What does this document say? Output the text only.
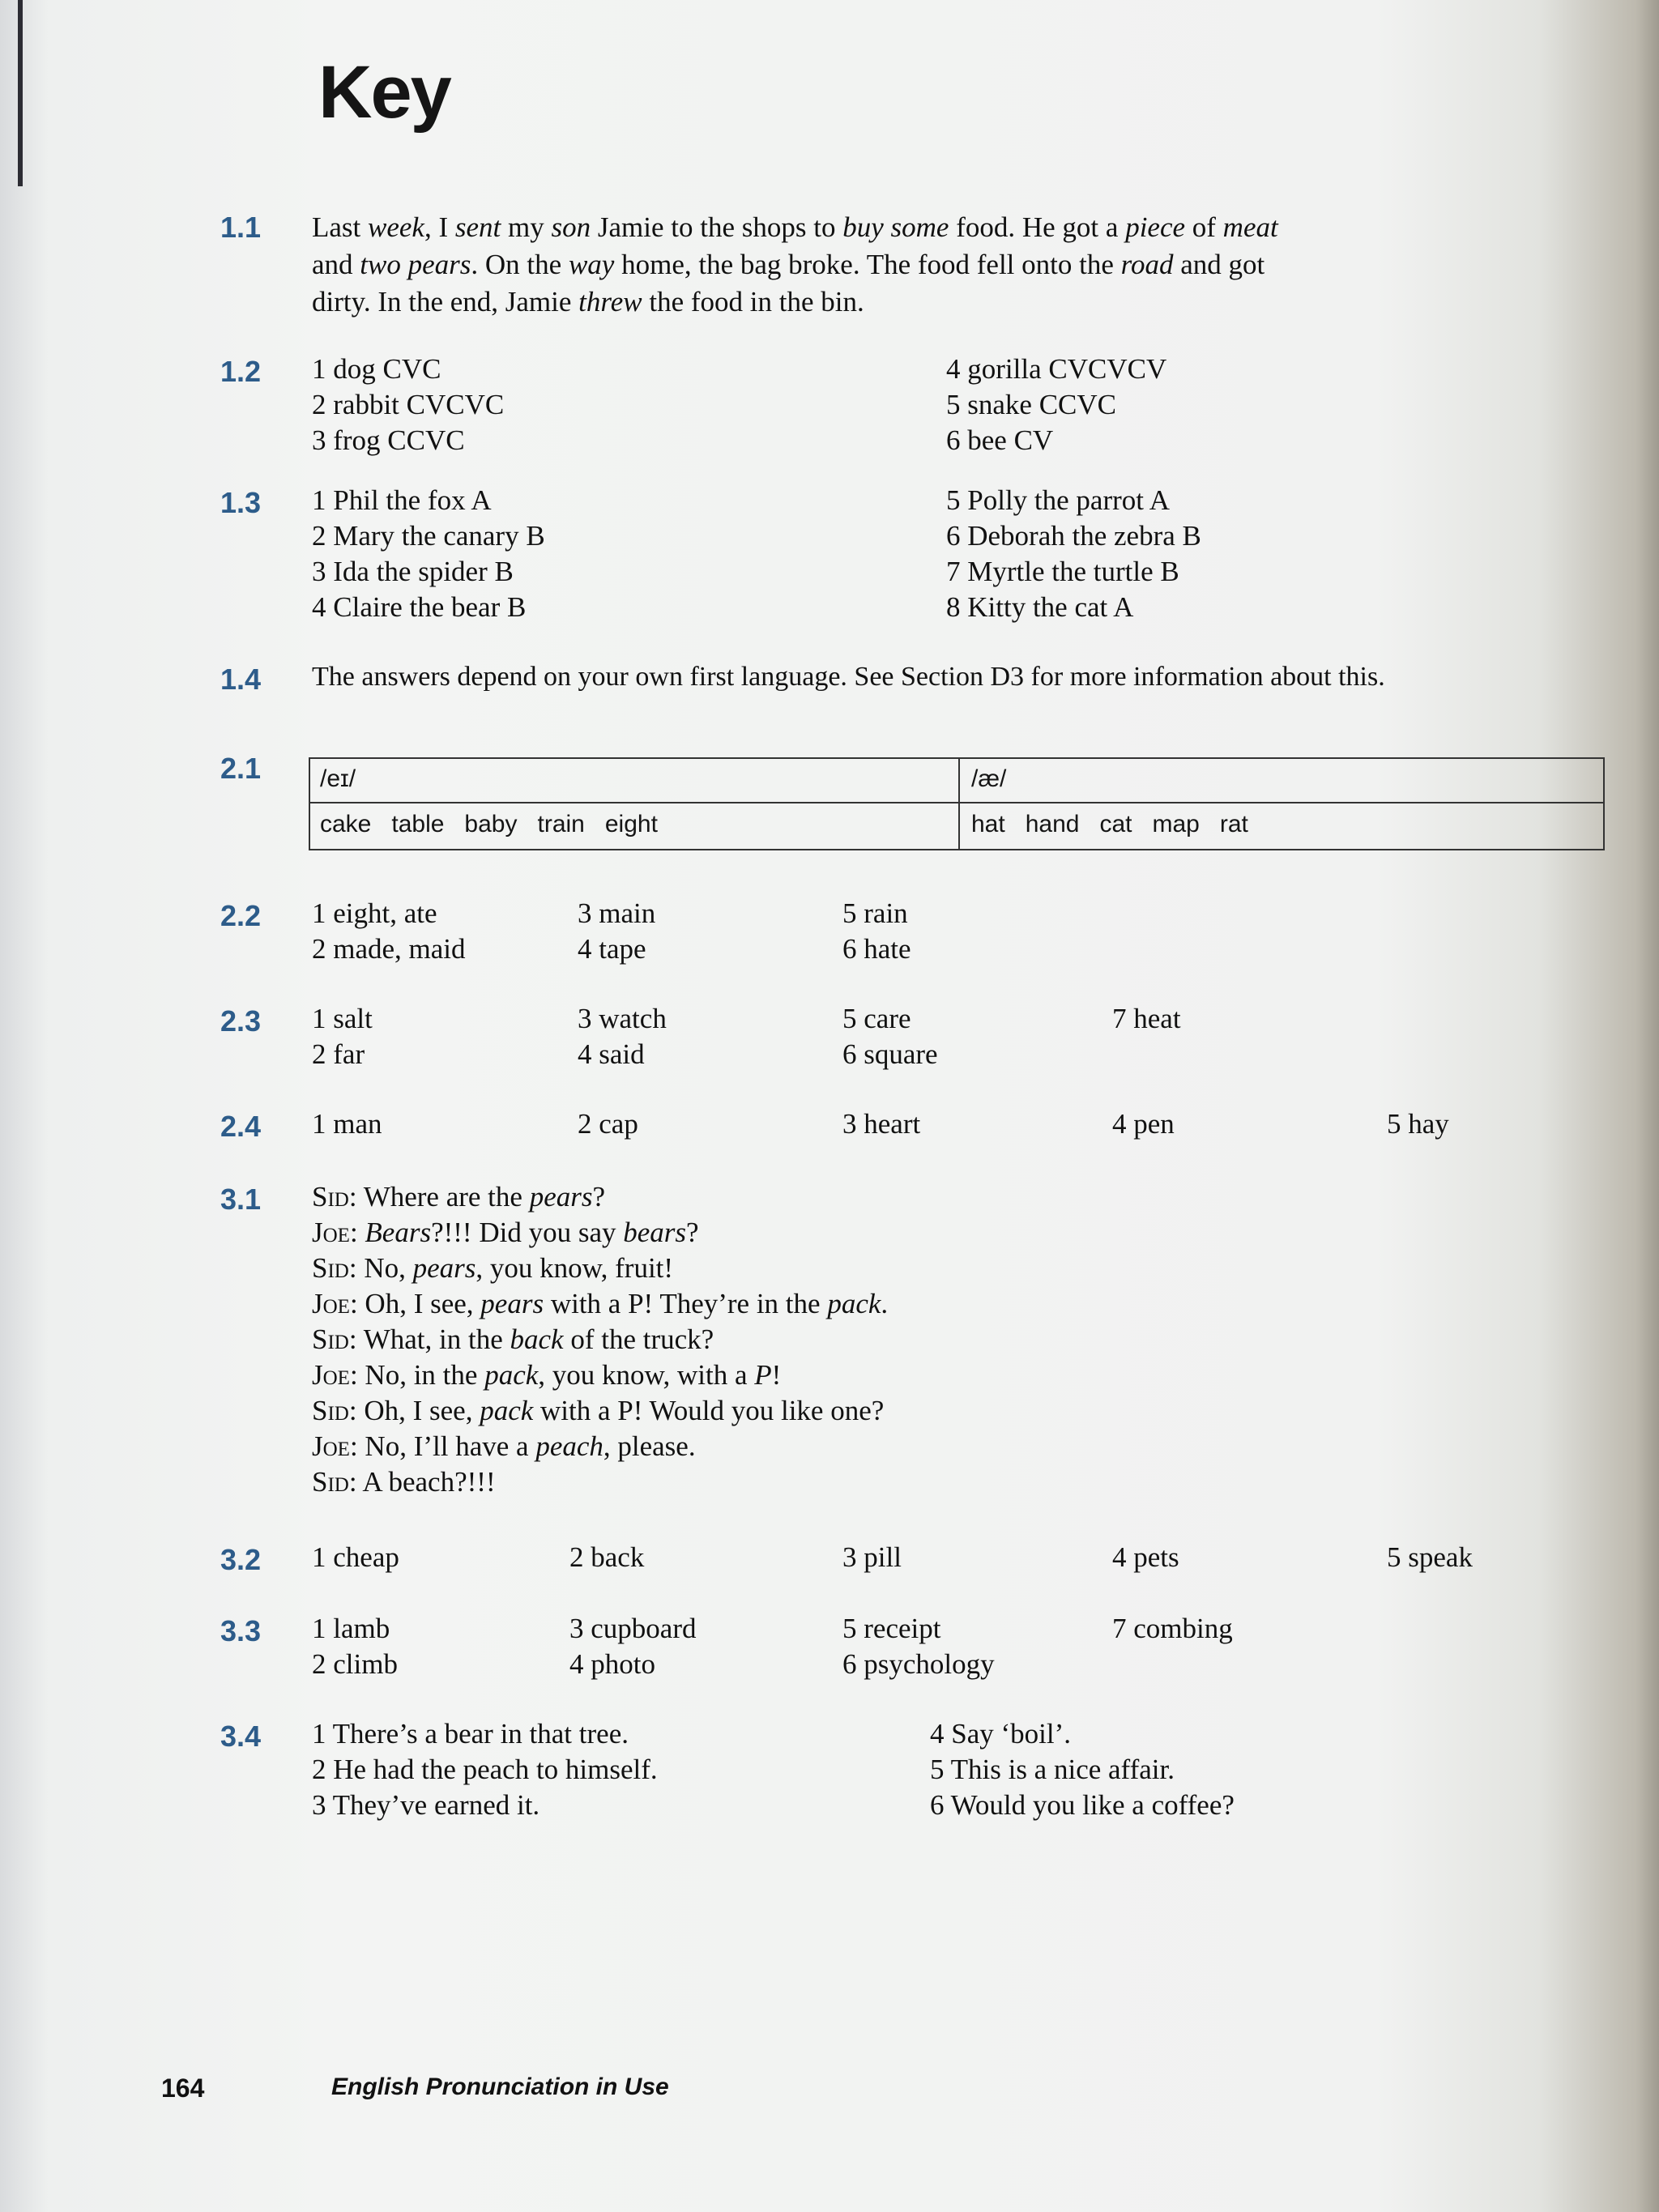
Key
1.1 Last week, I sent my son Jamie to the shops to buy some food. He got a piece of meat
and two pears. On the way home, the bag broke. The food fell onto the road and got
dirty. In the end, Jamie threw the food in the bin.
1.2 1 dog CVC
2 rabbit CVCVC
3 frog CCVC
4 gorilla CVCVCV
5 snake CCVC
6 bee CV
1.3 1 Phil the fox A
2 Mary the canary B
3 Ida the spider B
4 Claire the bear B
5 Polly the parrot A
6 Deborah the zebra B
7 Myrtle the turtle B
8 Kitty the cat A
1.4 The answers depend on your own first language. See Section D3 for more information about this.
2.1 /eɪ/	/æ/
cake   table   baby   train   eight	hat   hand   cat   map   rat
2.2 1 eight, ate
2 made, maid
3 main
4 tape
5 rain
6 hate
2.3 1 salt
2 far
3 watch
4 said
5 care
6 square
7 heat
2.4 1 man	2 cap	3 heart	4 pen	5 hay
3.1 Sid: Where are the pears?
Joe: Bears?!!! Did you say bears?
Sid: No, pears, you know, fruit!
Joe: Oh, I see, pears with a P! They’re in the pack.
Sid: What, in the back of the truck?
Joe: No, in the pack, you know, with a P!
Sid: Oh, I see, pack with a P! Would you like one?
Joe: No, I’ll have a peach, please.
Sid: A beach?!!!
3.2 1 cheap	2 back	3 pill	4 pets	5 speak
3.3 1 lamb
2 climb
3 cupboard
4 photo
5 receipt
6 psychology
7 combing
3.4 1 There’s a bear in that tree.
2 He had the peach to himself.
3 They’ve earned it.
4 Say ‘boil’.
5 This is a nice affair.
6 Would you like a coffee?
164	English Pronunciation in Use
